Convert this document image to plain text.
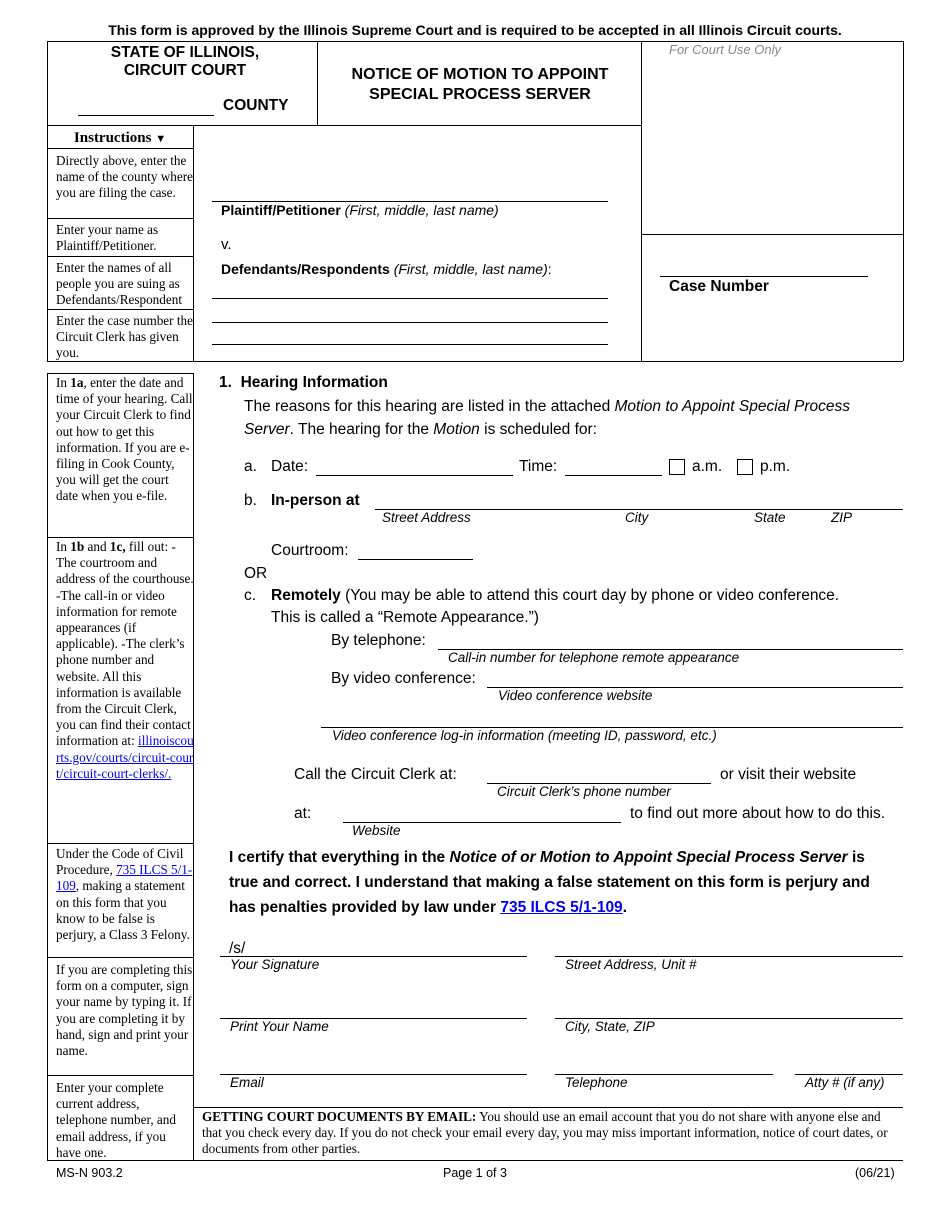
This form is approved by the Illinois Supreme Court and is required to be accepted in all Illinois Circuit courts.
STATE OF ILLINOIS,
CIRCUIT COURT
COUNTY
NOTICE OF MOTION TO APPOINT
SPECIAL PROCESS SERVER
For Court Use Only
Instructions ▼
Directly above, enter the name of the county where you are filing the case.
Enter your name as Plaintiff/Petitioner.
Enter the names of all people you are suing as Defendants/Respondent
Enter the case number the Circuit Clerk has given you.
Plaintiff/Petitioner (First, middle, last name)
v.
Defendants/Respondents (First, middle, last name):
Case Number
In 1a, enter the date and time of your hearing. Call your Circuit Clerk to find out how to get this information. If you are e-filing in Cook County, you will get the court date when you e-file.
In 1b and 1c, fill out: -The courtroom and address of the courthouse. -The call-in or video information for remote appearances (if applicable). -The clerk’s phone number and website. All this information is available from the Circuit Clerk, you can find their contact information at: illinoiscourts.gov/courts/circuit-court/circuit-court-clerks/.
Under the Code of Civil Procedure, 735 ILCS 5/1-109, making a statement on this form that you know to be false is perjury, a Class 3 Felony.
If you are completing this form on a computer, sign your name by typing it. If you are completing it by hand, sign and print your name.
Enter your complete current address, telephone number, and email address, if you have one.
1. Hearing Information
The reasons for this hearing are listed in the attached Motion to Appoint Special Process Server. The hearing for the Motion is scheduled for:
a. Date:	Time:	a.m. p.m.
b. In-person at
Street Address	City	State	ZIP
Courtroom:
OR
c. Remotely (You may be able to attend this court day by phone or video conference.
This is called a “Remote Appearance.”)
By telephone:
Call-in number for telephone remote appearance
By video conference:
Video conference website
Video conference log-in information (meeting ID, password, etc.)
Call the Circuit Clerk at:	or visit their website
Circuit Clerk’s phone number
at:	to find out more about how to do this.
Website
I certify that everything in the Notice of or Motion to Appoint Special Process Server is true and correct. I understand that making a false statement on this form is perjury and has penalties provided by law under 735 ILCS 5/1-109.
/s/
Your Signature	Street Address, Unit #
Print Your Name	City, State, ZIP
Email	Telephone	Atty # (if any)
GETTING COURT DOCUMENTS BY EMAIL: You should use an email account that you do not share with anyone else and that you check every day. If you do not check your email every day, you may miss important information, notice of court dates, or documents from other parties.
MS-N 903.2	Page 1 of 3	(06/21)
